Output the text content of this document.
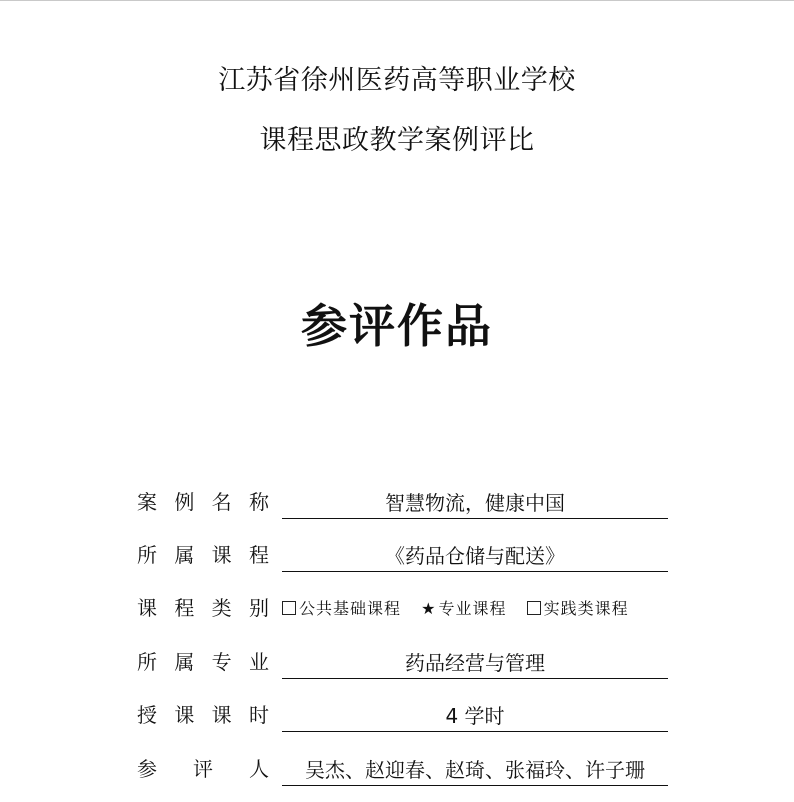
江苏省徐州医药高等职业学校
课程思政教学案例评比
参评作品
案 例 名 称	智慧物流，健康中国
所 属 课 程	《药品仓储与配送》
课 程 类 别	公共基础课程 ★ 专业课程 实践类课程
所 属 专 业	药品经营与管理
授 课 课 时	4 学时
参 评 人	吴杰、赵迎春、赵琦、张福玲、许子珊
